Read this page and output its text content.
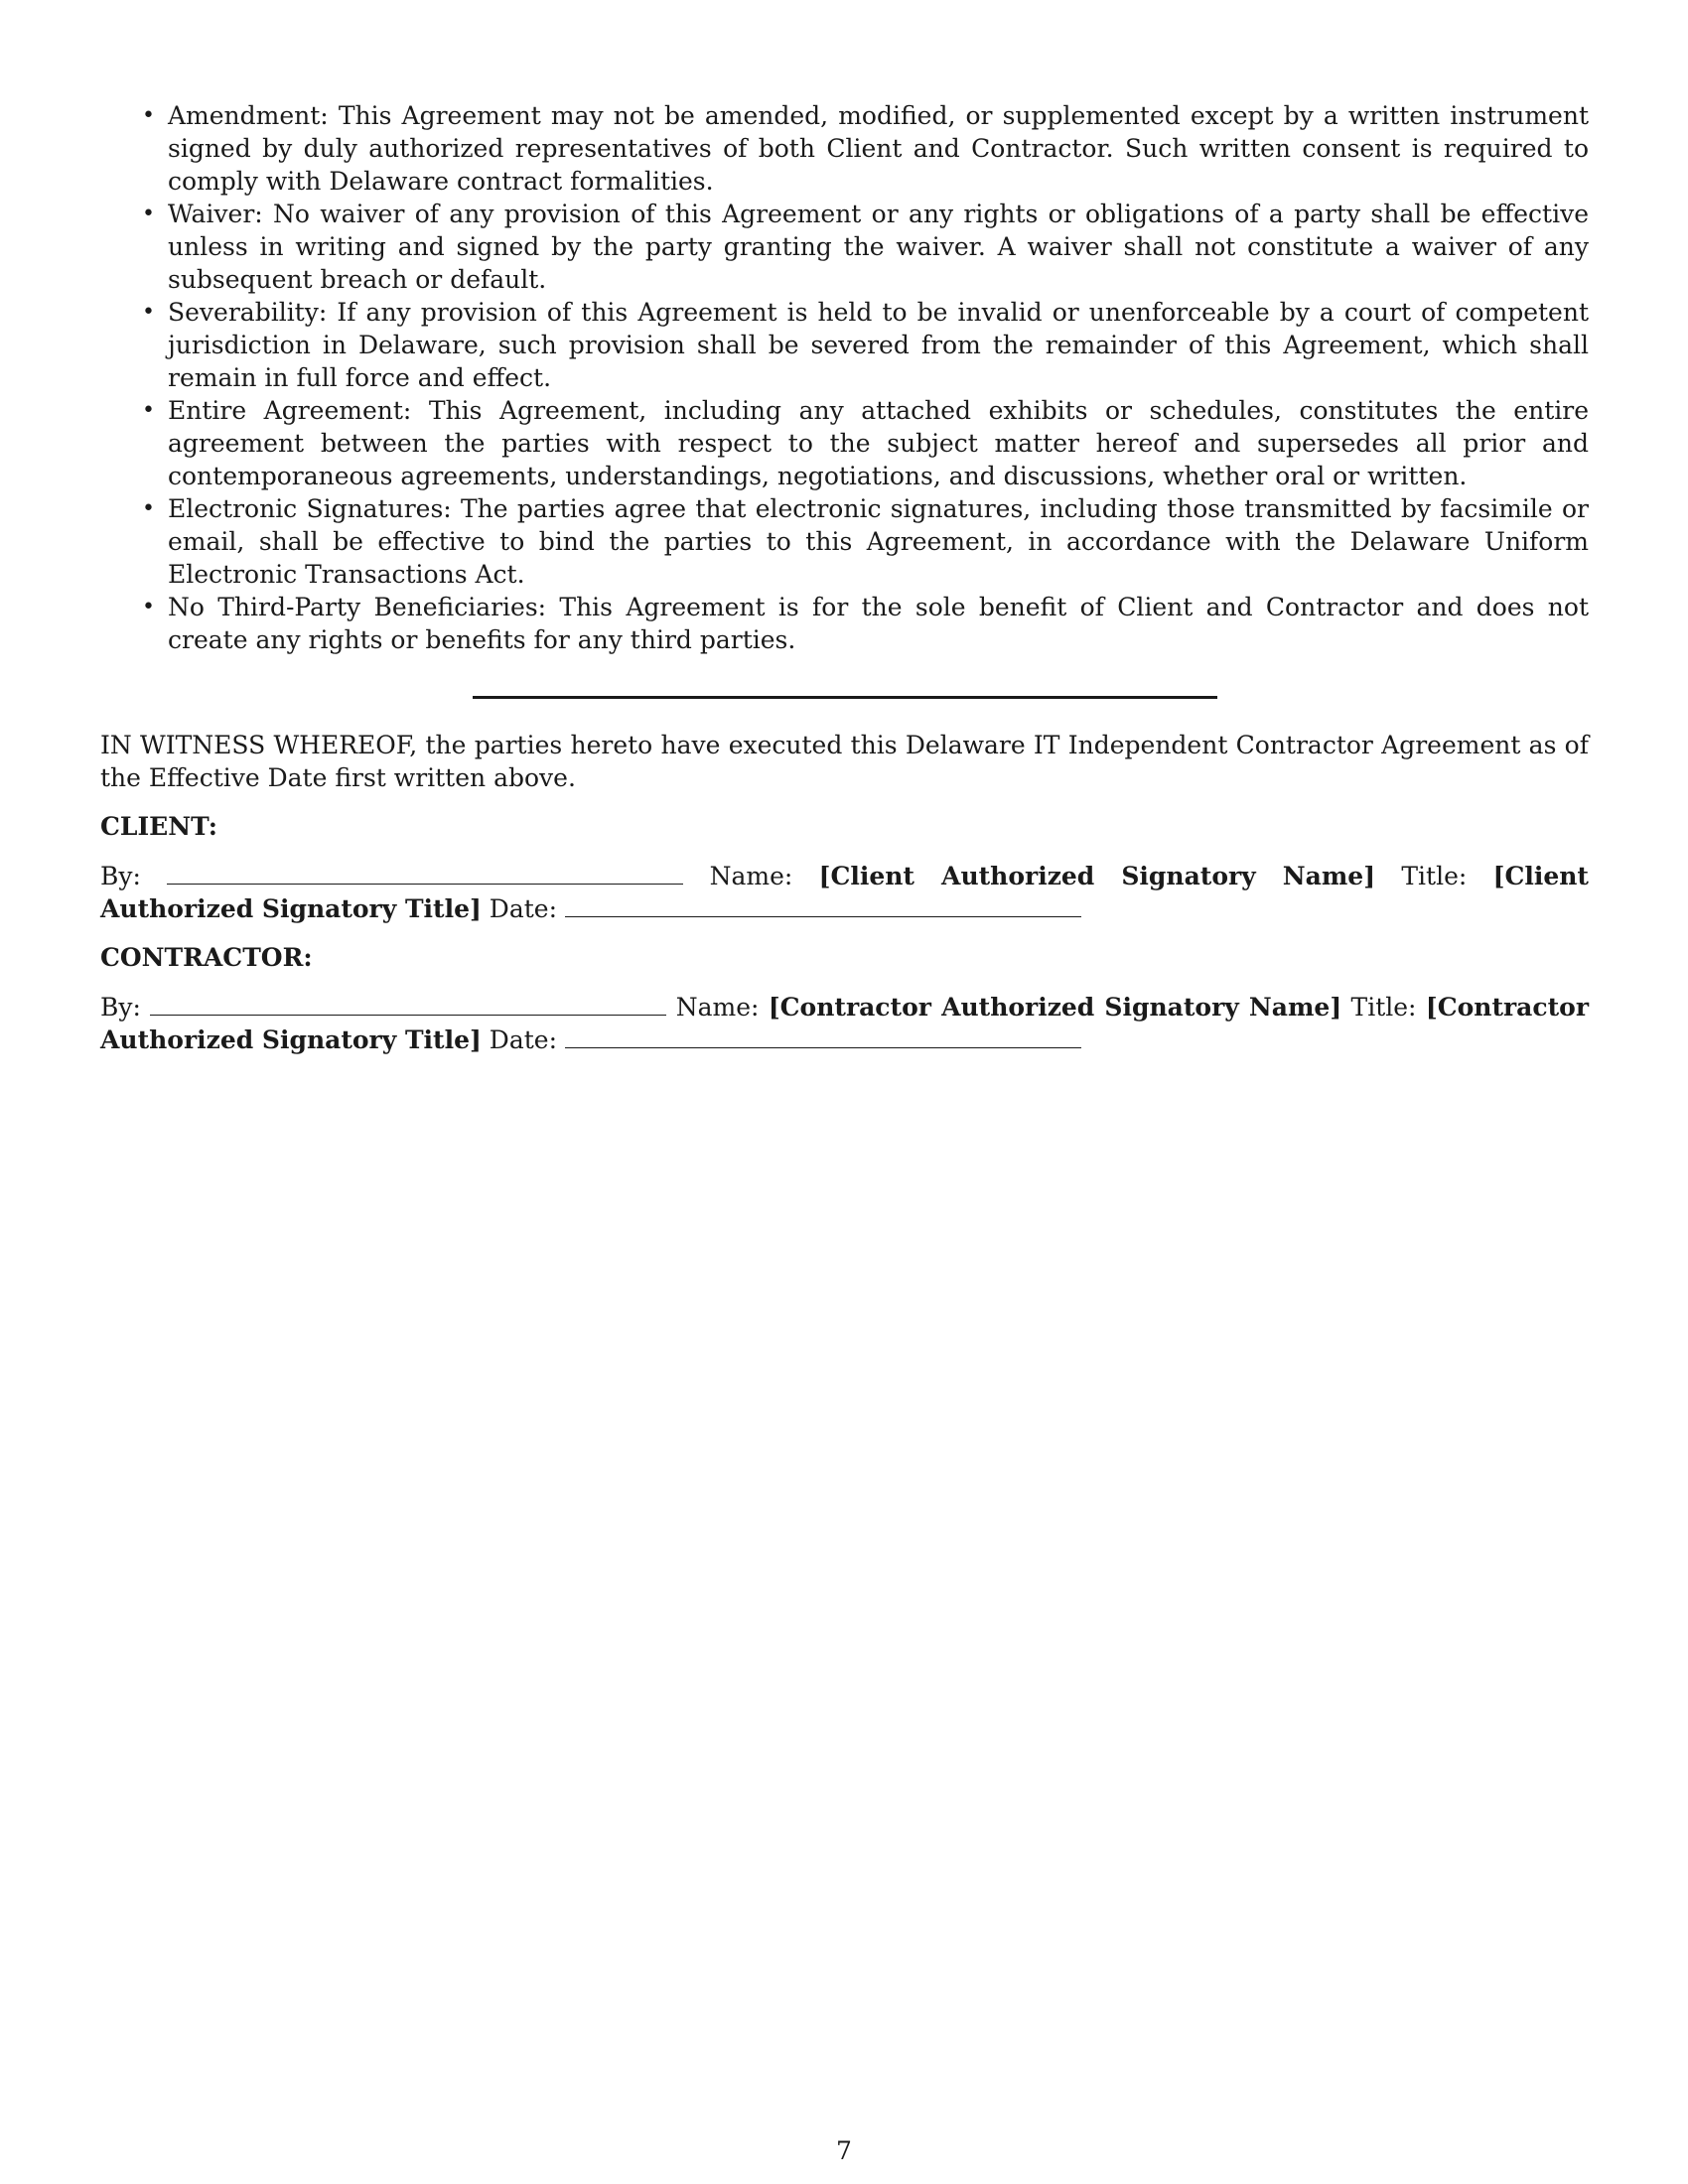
• Amendment: This Agreement may not be amended, modified, or supplemented except by a written instrument signed by duly authorized representatives of both Client and Contractor. Such written consent is required to comply with Delaware contract formalities.
• Waiver: No waiver of any provision of this Agreement or any rights or obligations of a party shall be effective unless in writing and signed by the party granting the waiver. A waiver shall not constitute a waiver of any subsequent breach or default.
• Severability: If any provision of this Agreement is held to be invalid or unenforceable by a court of competent jurisdiction in Delaware, such provision shall be severed from the remainder of this Agreement, which shall remain in full force and effect.
• Entire Agreement: This Agreement, including any attached exhibits or schedules, constitutes the entire agreement between the parties with respect to the subject matter hereof and supersedes all prior and contemporaneous agreements, understandings, negotiations, and discussions, whether oral or written.
• Electronic Signatures: The parties agree that electronic signatures, including those transmitted by facsimile or email, shall be effective to bind the parties to this Agreement, in accordance with the Delaware Uniform Electronic Transactions Act.
• No Third-Party Beneficiaries: This Agreement is for the sole benefit of Client and Contractor and does not create any rights or benefits for any third parties.

IN WITNESS WHEREOF, the parties hereto have executed this Delaware IT Independent Contractor Agreement as of the Effective Date first written above.

CLIENT:

By:	Name: [Client Authorized Signatory Name] Title: [Client Authorized Signatory Title] Date:

CONTRACTOR:

By:	Name: [Contractor Authorized Signatory Name] Title: [Contractor Authorized Signatory Title] Date:

7
